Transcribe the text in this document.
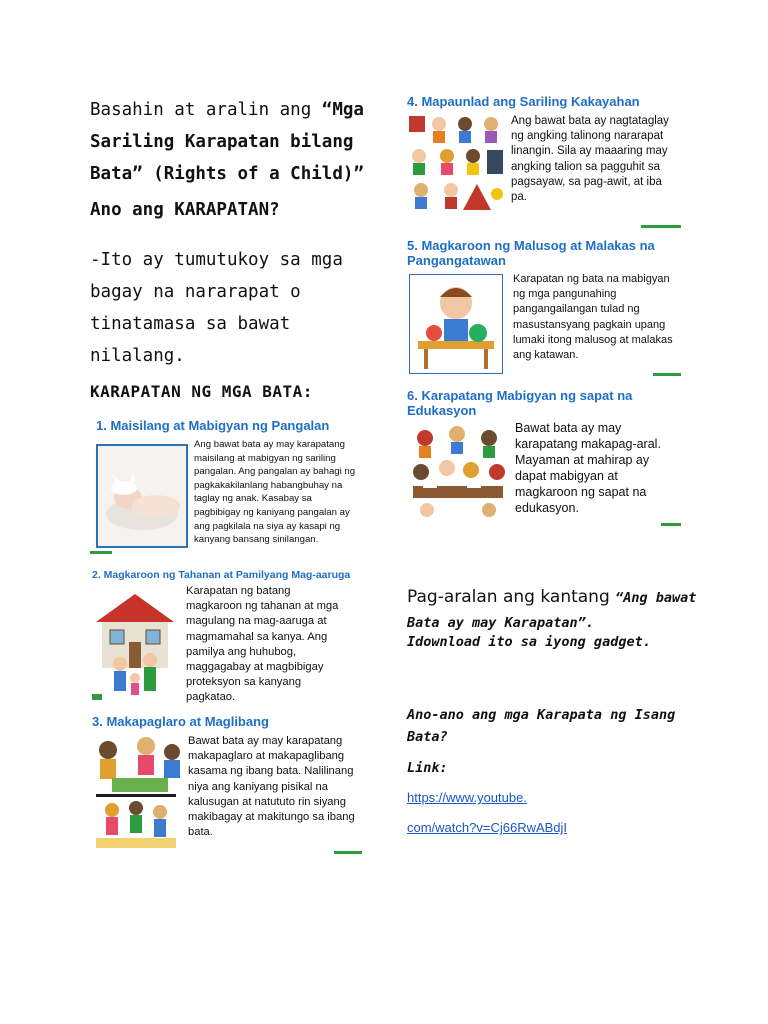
Basahin at aralin ang “Mga Sariling Karapatan bilang Bata” (Rights of a Child)”
Ano ang KARAPATAN?
-Ito ay tumutukoy sa mga bagay na nararapat o tinatamasa sa bawat nilalang.
KARAPATAN NG MGA BATA:
1. Maisilang at Mabigyan ng Pangalan
Ang bawat bata ay may karapatang maisilang at mabigyan ng sariling pangalan. Ang pangalan ay bahagi ng pagkakakilanlang habangbuhay na taglay ng anak. Kasabay sa pagbibigay ng kaniyang pangalan ay ang pagkilala na siya ay kasapi ng kanyang bansang sinilangan.
2. Magkaroon ng Tahanan at Pamilyang Mag-aaruga
Karapatan ng batang magkaroon ng tahanan at mga magulang na mag-aaruga at magmamahal sa kanya. Ang pamilya ang huhubog, maggagabay at magbibigay proteksyon sa kanyang pagkatao.
3. Makapaglaro at Maglibang
Bawat bata ay may karapatang makapaglaro at makapaglibang kasama ng ibang bata. Nalilinang niya ang kaniyang pisikal na kalusugan at natututo rin siyang makibagay at makitungo sa ibang bata.
4. Mapaunlad ang Sariling Kakayahan
Ang bawat bata ay nagtataglay ng angking talinong nararapat linangin. Sila ay maaaring may angking talion sa pagguhit sa pagsayaw, sa pag-awit, at iba pa.
5. Magkaroon ng Malusog at Malakas na Pangangatawan
Karapatan ng bata na mabigyan ng mga pangunahing pangangailangan tulad ng masustansyang pagkain upang lumaki itong malusog at malakas ang katawan.
6. Karapatang Mabigyan ng sapat na Edukasyon
Bawat bata ay may karapatang makapag-aral. Mayaman at mahirap ay dapat mabigyan at magkaroon ng sapat na edukasyon.
Pag-aralan ang kantang “Ang bawat Bata ay may Karapatan”.
Idownload ito sa iyong gadget.
Ano-ano ang mga Karapata ng Isang Bata?
Link:
https://www.youtube.
com/watch?v=Cj66RwABdjI
